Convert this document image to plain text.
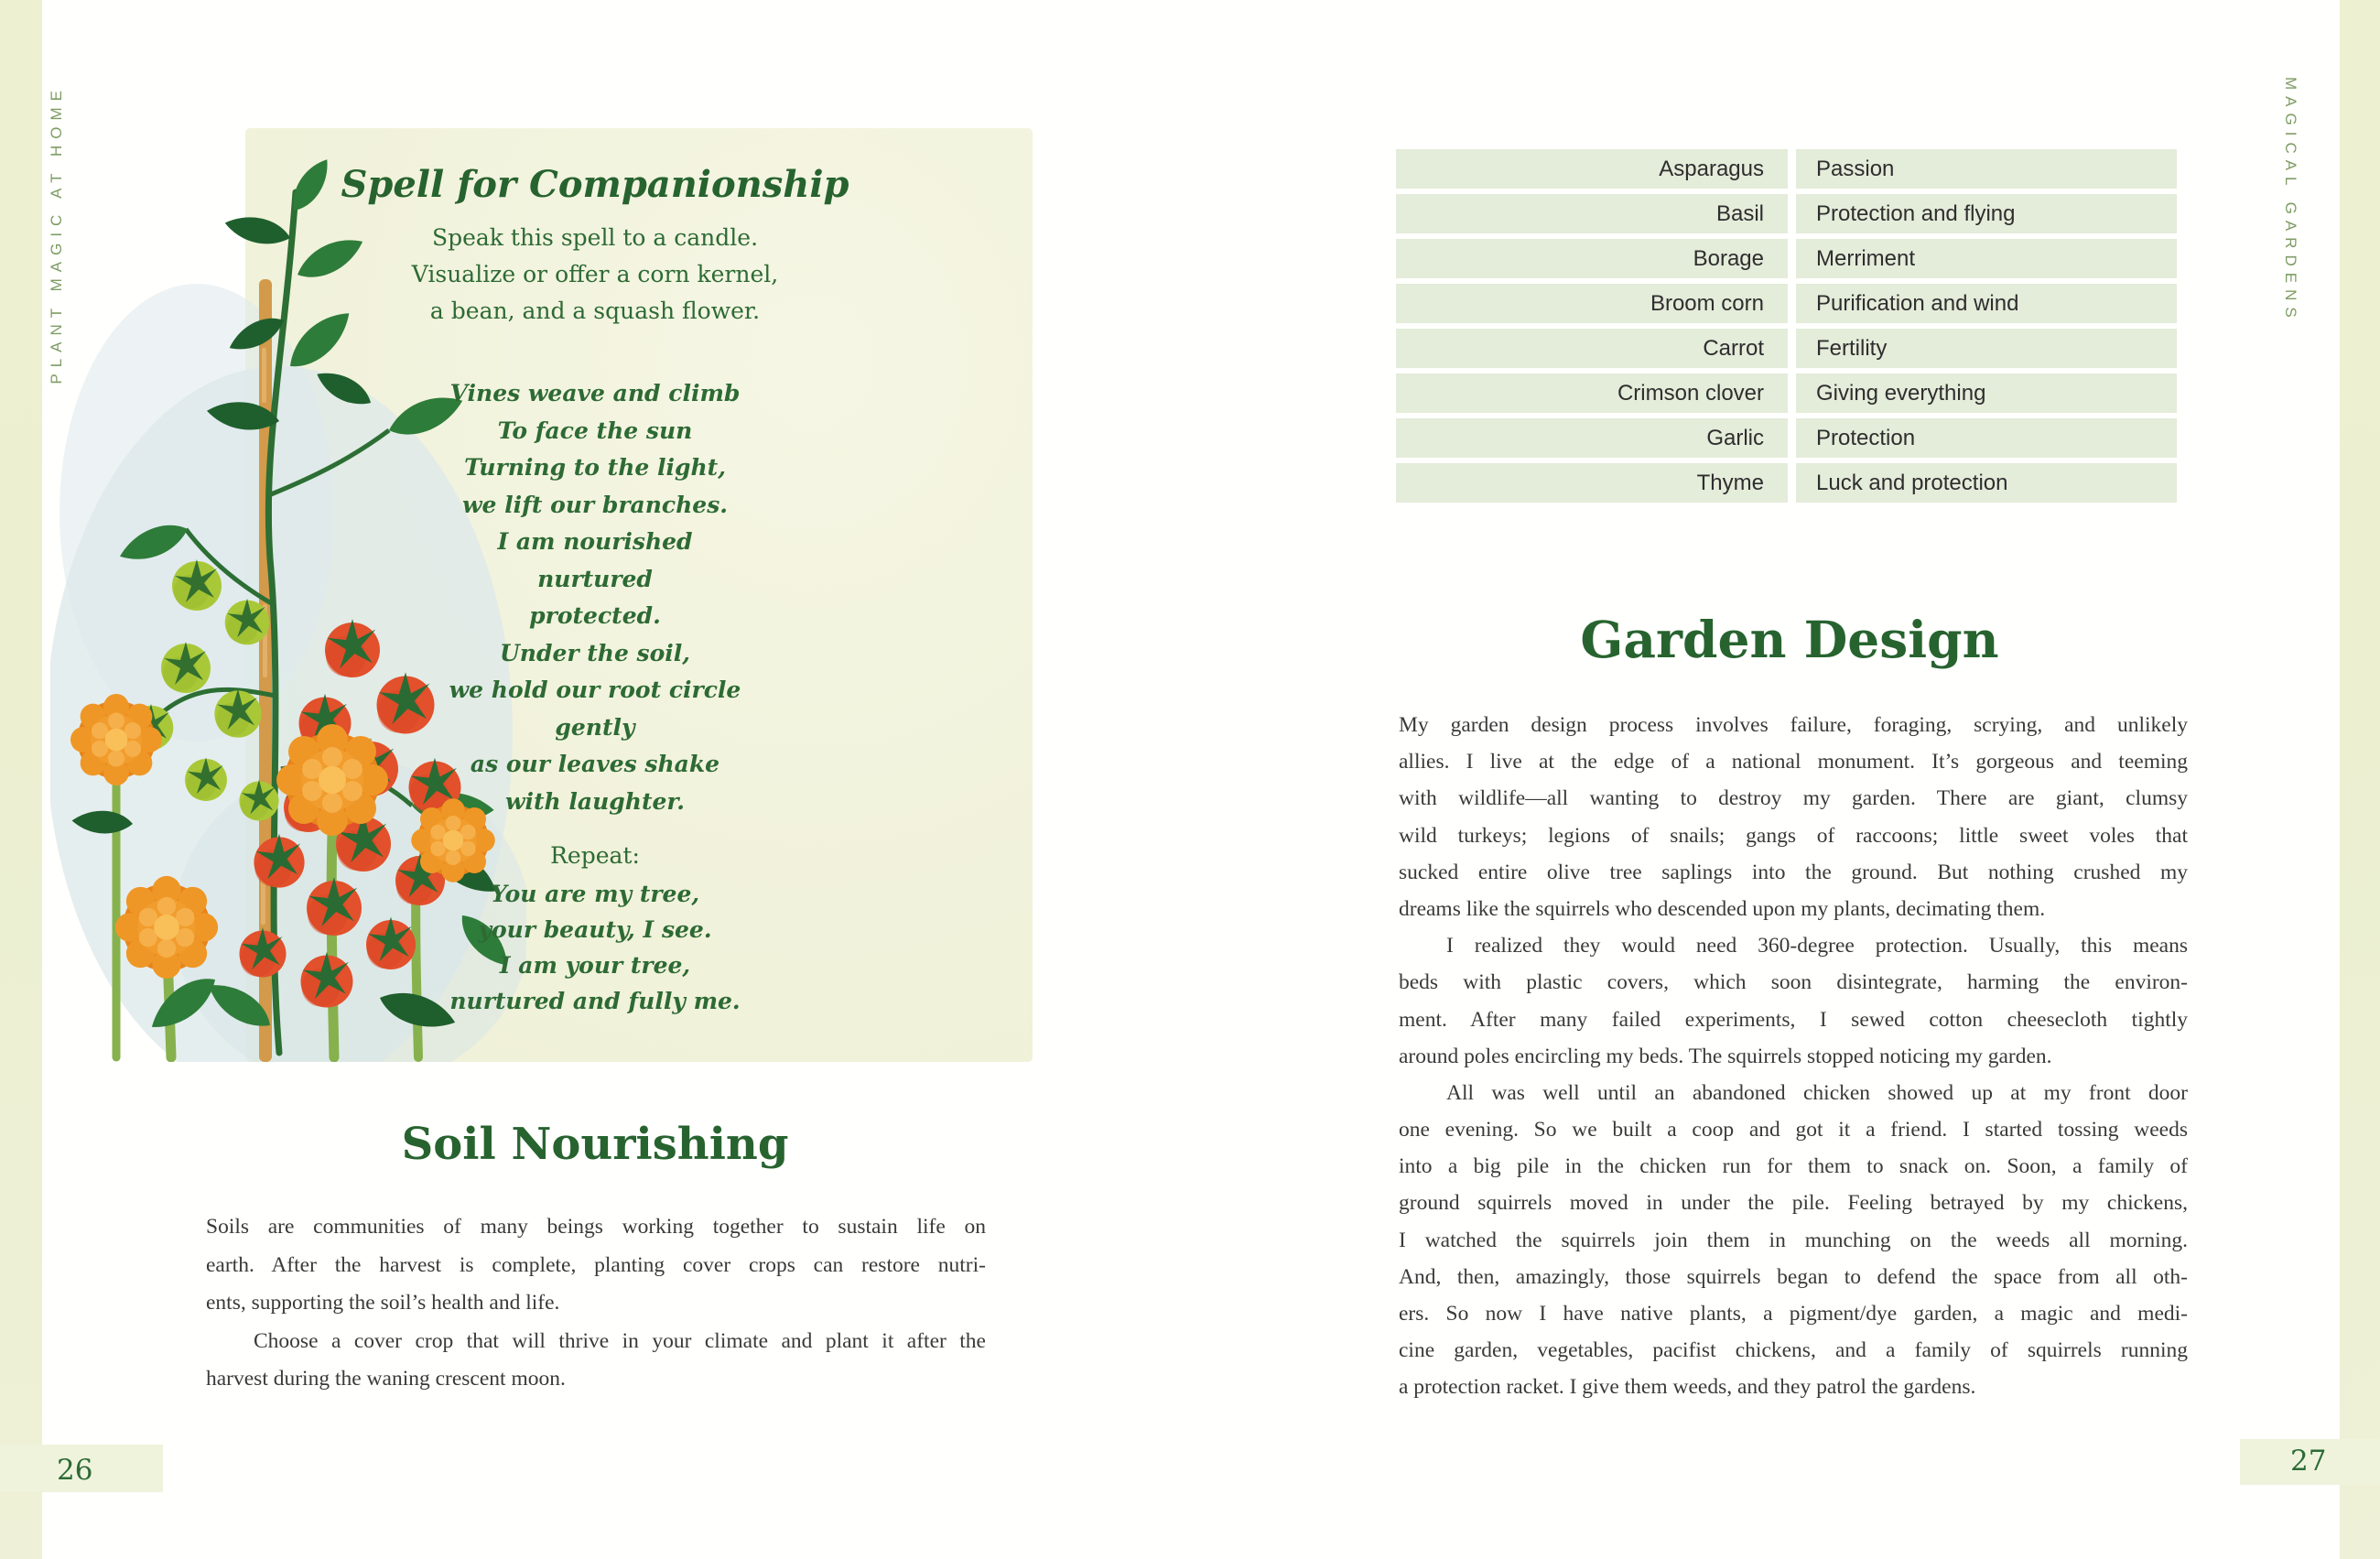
PLANT MAGIC AT HOME	MAGICAL GARDENS
Spell for Companionship
Speak this spell to a candle.
Visualize or offer a corn kernel,
a bean, and a squash flower.
Vines weave and climb
To face the sun
Turning to the light,
we lift our branches.
I am nourished
nurtured
protected.
Under the soil,
we hold our root circle
gently
as our leaves shake
with laughter.
Repeat:
You are my tree,
your beauty, I see.
I am your tree,
nurtured and fully me.
Soil Nourishing
Soils are communities of many beings working together to sustain life on
earth. After the harvest is complete, planting cover crops can restore nutri-
ents, supporting the soil’s health and life.
Choose a cover crop that will thrive in your climate and plant it after the
harvest during the waning crescent moon.
26
Asparagus	Passion
Basil	Protection and flying
Borage	Merriment
Broom corn	Purification and wind
Carrot	Fertility
Crimson clover	Giving everything
Garlic	Protection
Thyme	Luck and protection
Garden Design
My garden design process involves failure, foraging, scrying, and unlikely
allies. I live at the edge of a national monument. It’s gorgeous and teeming
with wildlife—all wanting to destroy my garden. There are giant, clumsy
wild turkeys; legions of snails; gangs of raccoons; little sweet voles that
sucked entire olive tree saplings into the ground. But nothing crushed my
dreams like the squirrels who descended upon my plants, decimating them.
I realized they would need 360-degree protection. Usually, this means
beds with plastic covers, which soon disintegrate, harming the environ-
ment. After many failed experiments, I sewed cotton cheesecloth tightly
around poles encircling my beds. The squirrels stopped noticing my garden.
All was well until an abandoned chicken showed up at my front door
one evening. So we built a coop and got it a friend. I started tossing weeds
into a big pile in the chicken run for them to snack on. Soon, a family of
ground squirrels moved in under the pile. Feeling betrayed by my chickens,
I watched the squirrels join them in munching on the weeds all morning.
And, then, amazingly, those squirrels began to defend the space from all oth-
ers. So now I have native plants, a pigment/dye garden, a magic and medi-
cine garden, vegetables, pacifist chickens, and a family of squirrels running
a protection racket. I give them weeds, and they patrol the gardens.
27
